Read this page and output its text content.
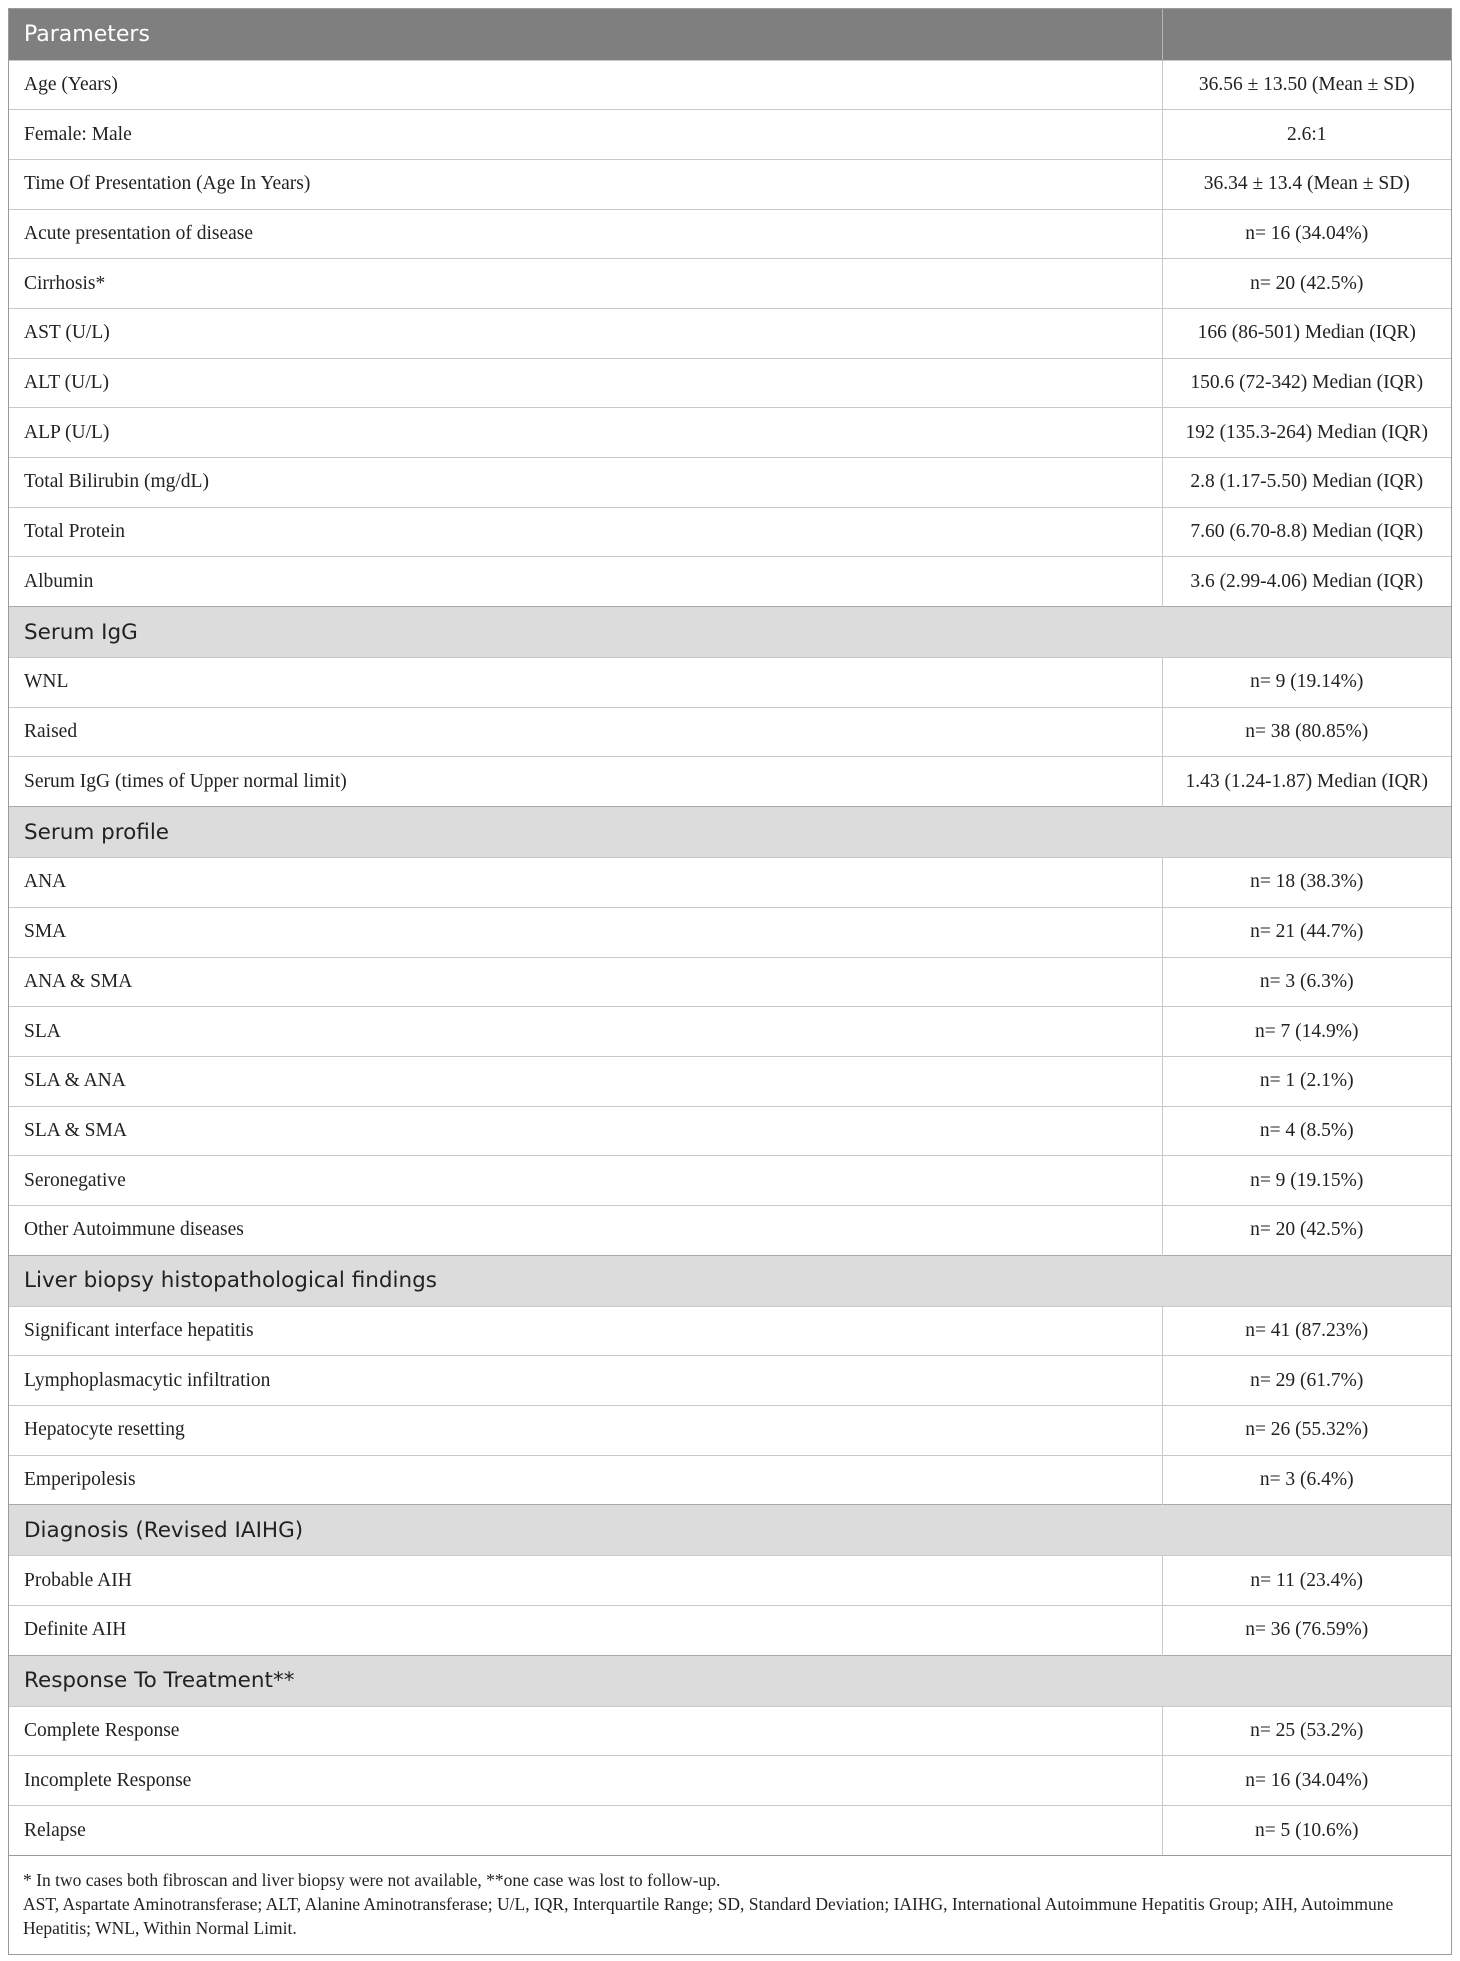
Parameters	
Age (Years)	36.56 ± 13.50 (Mean ± SD)
Female: Male	2.6:1
Time Of Presentation (Age In Years)	36.34 ± 13.4 (Mean ± SD)
Acute presentation of disease	n= 16 (34.04%)
Cirrhosis*	n= 20 (42.5%)
AST (U/L)	166 (86-501) Median (IQR)
ALT (U/L)	150.6 (72-342) Median (IQR)
ALP (U/L)	192 (135.3-264) Median (IQR)
Total Bilirubin (mg/dL)	2.8 (1.17-5.50) Median (IQR)
Total Protein	7.60 (6.70-8.8) Median (IQR)
Albumin	3.6 (2.99-4.06) Median (IQR)
Serum IgG	
WNL	n= 9 (19.14%)
Raised	n= 38 (80.85%)
Serum IgG (times of Upper normal limit)	1.43 (1.24-1.87) Median (IQR)
Serum profile	
ANA	n= 18 (38.3%)
SMA	n= 21 (44.7%)
ANA & SMA	n= 3 (6.3%)
SLA	n= 7 (14.9%)
SLA & ANA	n= 1 (2.1%)
SLA & SMA	n= 4 (8.5%)
Seronegative	n= 9 (19.15%)
Other Autoimmune diseases	n= 20 (42.5%)
Liver biopsy histopathological findings	
Significant interface hepatitis	n= 41 (87.23%)
Lymphoplasmacytic infiltration	n= 29 (61.7%)
Hepatocyte resetting	n= 26 (55.32%)
Emperipolesis	n= 3 (6.4%)
Diagnosis (Revised IAIHG)	
Probable AIH	n= 11 (23.4%)
Definite AIH	n= 36 (76.59%)
Response To Treatment**	
Complete Response	n= 25 (53.2%)
Incomplete Response	n= 16 (34.04%)
Relapse	n= 5 (10.6%)
* In two cases both fibroscan and liver biopsy were not available, **one case was lost to follow-up.
AST, Aspartate Aminotransferase; ALT, Alanine Aminotransferase; U/L, IQR, Interquartile Range; SD, Standard Deviation; IAIHG, International Autoimmune Hepatitis Group; AIH, Autoimmune Hepatitis; WNL, Within Normal Limit.
